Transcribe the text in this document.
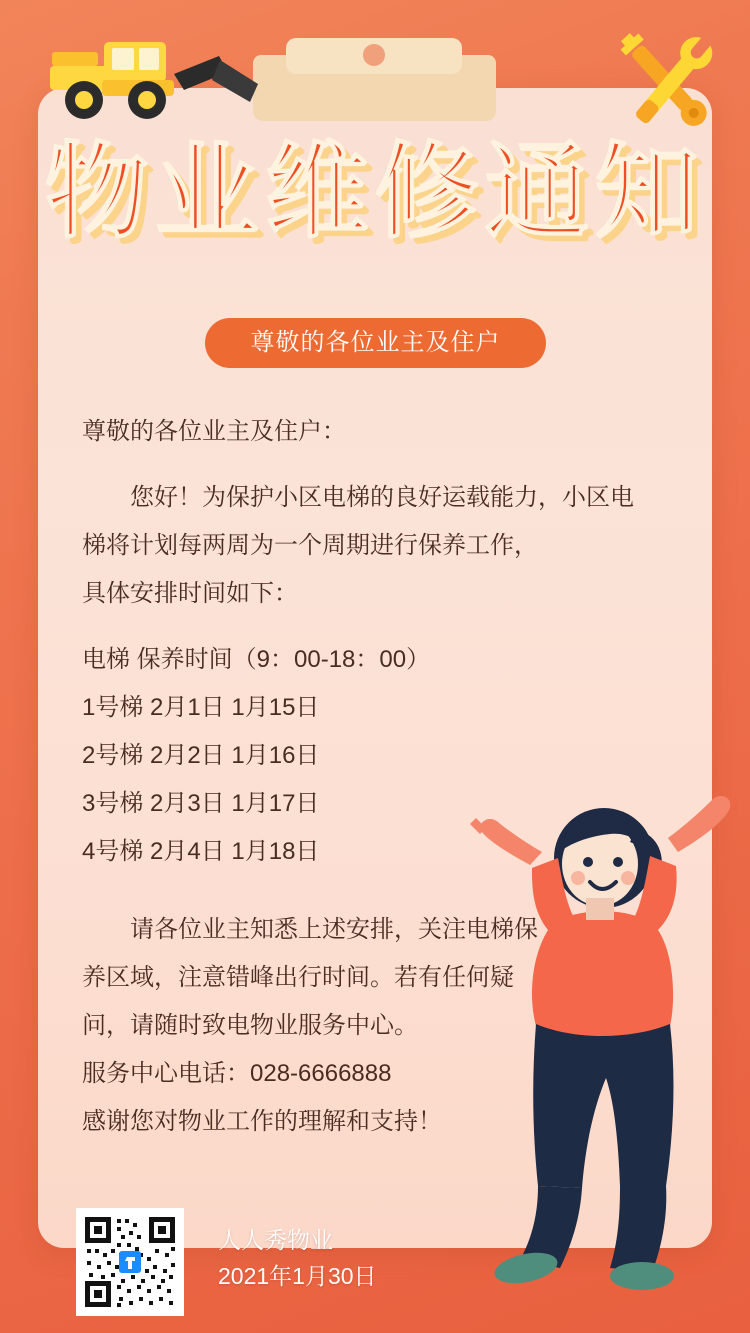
物业维修通知
尊敬的各位业主及住户
尊敬的各位业主及住户：
您好！为保护小区电梯的良好运载能力，小区电
梯将计划每两周为一个周期进行保养工作，
具体安排时间如下：
电梯 保养时间（9：00-18：00）
1号梯 2月1日 1月15日
2号梯 2月2日 1月16日
3号梯 2月3日 1月17日
4号梯 2月4日 1月18日
请各位业主知悉上述安排，关注电梯保
养区域，注意错峰出行时间。若有任何疑
问，请随时致电物业服务中心。
服务中心电话：028-6666888
感谢您对物业工作的理解和支持！
人人秀物业
2021年1月30日
